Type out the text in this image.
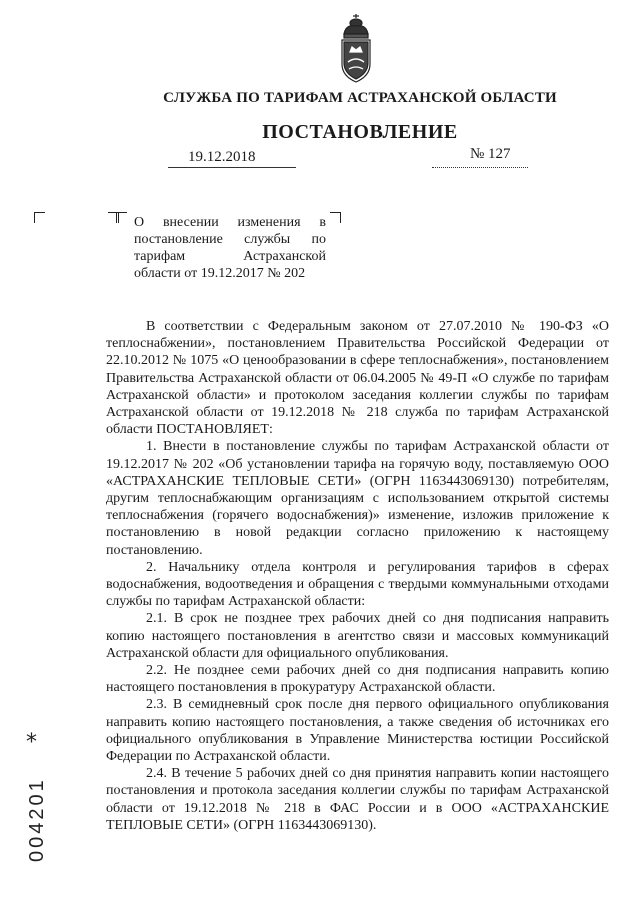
СЛУЖБА ПО ТАРИФАМ АСТРАХАНСКОЙ ОБЛАСТИ
ПОСТАНОВЛЕНИЕ
19.12.2018	№ 127
О внесении изменения в
постановление службы по
тарифам Астраханской
области от 19.12.2017 № 202

В соответствии с Федеральным законом от 27.07.2010 № 190-ФЗ «О теплоснабжении», постановлением Правительства Российской Федерации от 22.10.2012 № 1075 «О ценообразовании в сфере теплоснабжения», постановлением Правительства Астраханской области от 06.04.2005 № 49-П «О службе по тарифам Астраханской области» и протоколом заседания коллегии службы по тарифам Астраханской области от 19.12.2018 № 218 служба по тарифам Астраханской области ПОСТАНОВЛЯЕТ:

1. Внести в постановление службы по тарифам Астраханской области от 19.12.2017 № 202 «Об установлении тарифа на горячую воду, поставляемую ООО «АСТРАХАНСКИЕ ТЕПЛОВЫЕ СЕТИ» (ОГРН 1163443069130) потребителям, другим теплоснабжающим организациям с использованием открытой системы теплоснабжения (горячего водоснабжения)» изменение, изложив приложение к постановлению в новой редакции согласно приложению к настоящему постановлению.

2. Начальнику отдела контроля и регулирования тарифов в сферах водоснабжения, водоотведения и обращения с твердыми коммунальными отходами службы по тарифам Астраханской области:

2.1. В срок не позднее трех рабочих дней со дня подписания направить копию настоящего постановления в агентство связи и массовых коммуникаций Астраханской области для официального опубликования.

2.2. Не позднее семи рабочих дней со дня подписания направить копию настоящего постановления в прокуратуру Астраханской области.

2.3. В семидневный срок после дня первого официального опубликования направить копию настоящего постановления, а также сведения об источниках его официального опубликования в Управление Министерства юстиции Российской Федерации по Астраханской области.

2.4. В течение 5 рабочих дней со дня принятия направить копии настоящего постановления и протокола заседания коллегии службы по тарифам Астраханской области от 19.12.2018 № 218 в ФАС России и в ООО «АСТРАХАНСКИЕ ТЕПЛОВЫЕ СЕТИ» (ОГРН 1163443069130).

*
004201
